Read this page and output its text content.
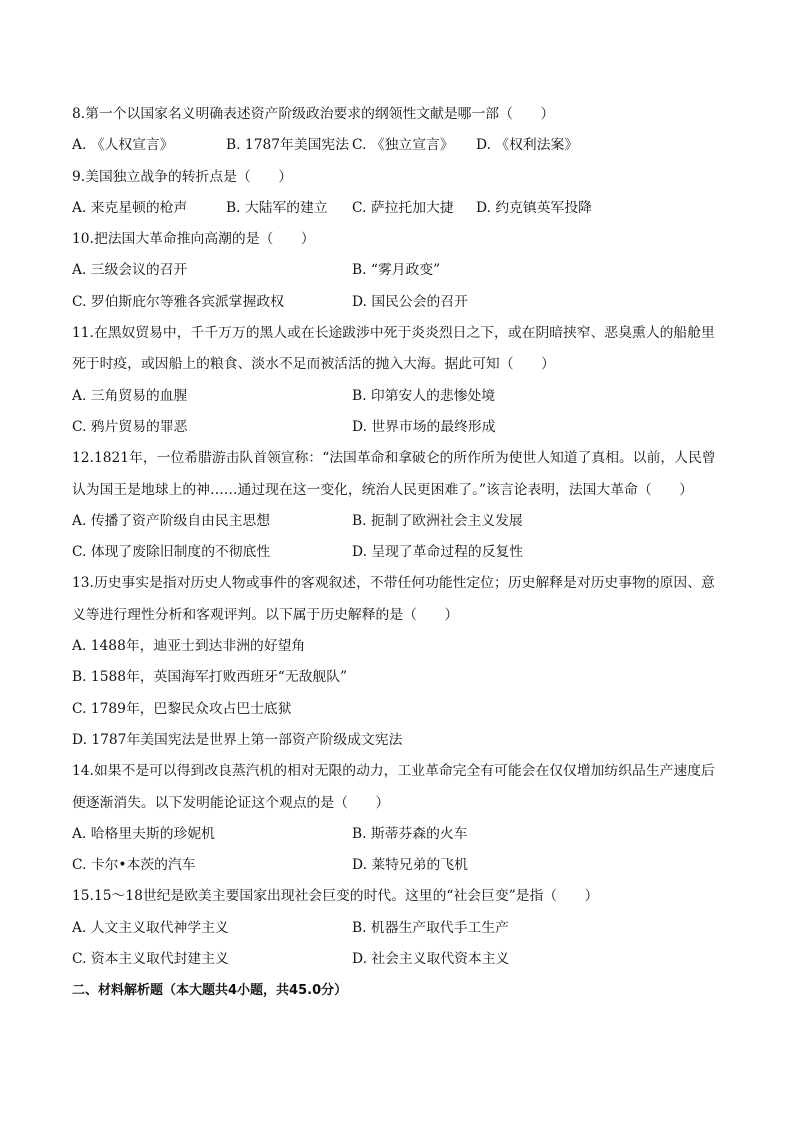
8.第一个以国家名义明确表述资产阶级政治要求的纲领性文献是哪一部（　　）
A. 《人权宣言》	B. 1787年美国宪法 C. 《独立宣言》	D. 《权利法案》
9.美国独立战争的转折点是（　　）
A. 来克星顿的枪声	B. 大陆军的建立	C. 萨拉托加大捷	D. 约克镇英军投降
10.把法国大革命推向高潮的是（　　）
A. 三级会议的召开	B. “雾月政变”
C. 罗伯斯庇尔等雅各宾派掌握政权	D. 国民公会的召开
11.在黑奴贸易中，千千万万的黑人或在长途跋涉中死于炎炎烈日之下，或在阴暗挟窄、恶臭熏人的船舱里
死于时疫，或因船上的粮食、淡水不足而被活活的抛入大海。据此可知（　　）
A. 三角贸易的血腥	B. 印第安人的悲惨处境
C. 鸦片贸易的罪恶	D. 世界市场的最终形成
12.1821年，一位希腊游击队首领宣称：“法国革命和拿破仑的所作所为使世人知道了真相。以前，人民曾
认为国王是地球上的神……通过现在这一变化，统治人民更困难了。”该言论表明，法国大革命（　　）
A. 传播了资产阶级自由民主思想	B. 扼制了欧洲社会主义发展
C. 体现了废除旧制度的不彻底性	D. 呈现了革命过程的反复性
13.历史事实是指对历史人物或事件的客观叙述，不带任何功能性定位；历史解释是对历史事物的原因、意
义等进行理性分析和客观评判。以下属于历史解释的是（　　）
A. 1488年，迪亚士到达非洲的好望角
B. 1588年，英国海军打败西班牙“无敌舰队”
C. 1789年，巴黎民众攻占巴士底狱
D. 1787年美国宪法是世界上第一部资产阶级成文宪法
14.如果不是可以得到改良蒸汽机的相对无限的动力，工业革命完全有可能会在仅仅增加纺织品生产速度后
便逐渐消失。以下发明能论证这个观点的是（　　）
A. 哈格里夫斯的珍妮机	B. 斯蒂芬森的火车
C. 卡尔•本茨的汽车	D. 莱特兄弟的飞机
15.15～18世纪是欧美主要国家出现社会巨变的时代。这里的“社会巨变”是指（　　）
A. 人文主义取代神学主义	B. 机器生产取代手工生产
C. 资本主义取代封建主义	D. 社会主义取代资本主义
二、材料解析题（本大题共4小题，共45.0分）
